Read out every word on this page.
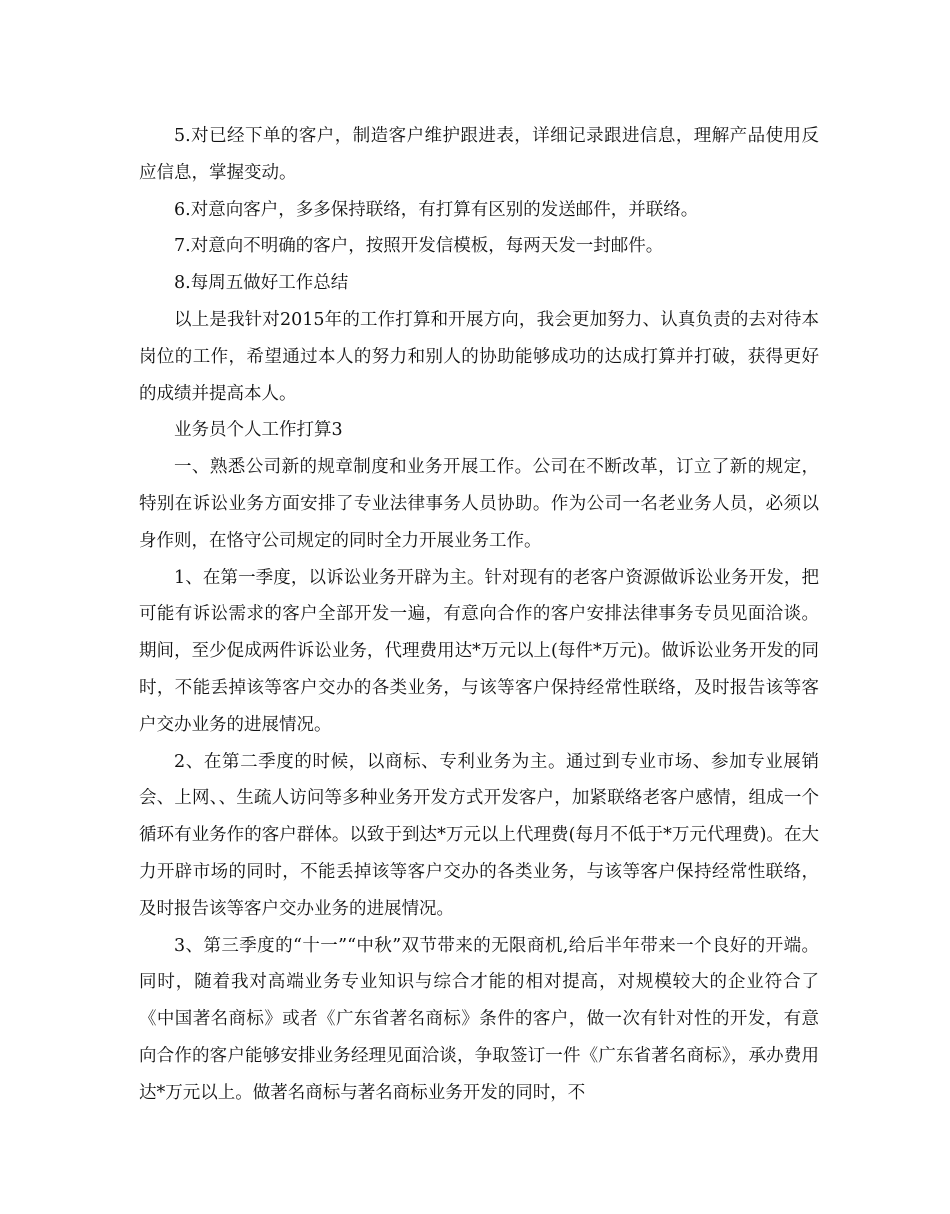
5.对已经下单的客户，制造客户维护跟进表，详细记录跟进信息，理解产品使用反应信息，掌握变动。

6.对意向客户，多多保持联络，有打算有区别的发送邮件，并联络。

7.对意向不明确的客户，按照开发信模板，每两天发一封邮件。

8.每周五做好工作总结

以上是我针对2015年的工作打算和开展方向，我会更加努力、认真负责的去对待本岗位的工作，希望通过本人的努力和别人的协助能够成功的达成打算并打破，获得更好的成绩并提高本人。

业务员个人工作打算3

一、熟悉公司新的规章制度和业务开展工作。公司在不断改革，订立了新的规定，特别在诉讼业务方面安排了专业法律事务人员协助。作为公司一名老业务人员，必须以身作则，在恪守公司规定的同时全力开展业务工作。

1、在第一季度，以诉讼业务开辟为主。针对现有的老客户资源做诉讼业务开发，把可能有诉讼需求的客户全部开发一遍，有意向合作的客户安排法律事务专员见面洽谈。期间，至少促成两件诉讼业务，代理费用达*万元以上(每件*万元)。做诉讼业务开发的同时，不能丢掉该等客户交办的各类业务，与该等客户保持经常性联络，及时报告该等客户交办业务的进展情况。

2、在第二季度的时候，以商标、专利业务为主。通过到专业市场、参加专业展销会、上网、、生疏人访问等多种业务开发方式开发客户，加紧联络老客户感情，组成一个循环有业务作的客户群体。以致于到达*万元以上代理费(每月不低于*万元代理费)。在大力开辟市场的同时，不能丢掉该等客户交办的各类业务，与该等客户保持经常性联络，及时报告该等客户交办业务的进展情况。

3、第三季度的“十一”“中秋”双节带来的无限商机,给后半年带来一个良好的开端。同时，随着我对高端业务专业知识与综合才能的相对提高，对规模较大的企业符合了《中国著名商标》或者《广东省著名商标》条件的客户，做一次有针对性的开发，有意向合作的客户能够安排业务经理见面洽谈，争取签订一件《广东省著名商标》，承办费用达*万元以上。做著名商标与著名商标业务开发的同时，不
